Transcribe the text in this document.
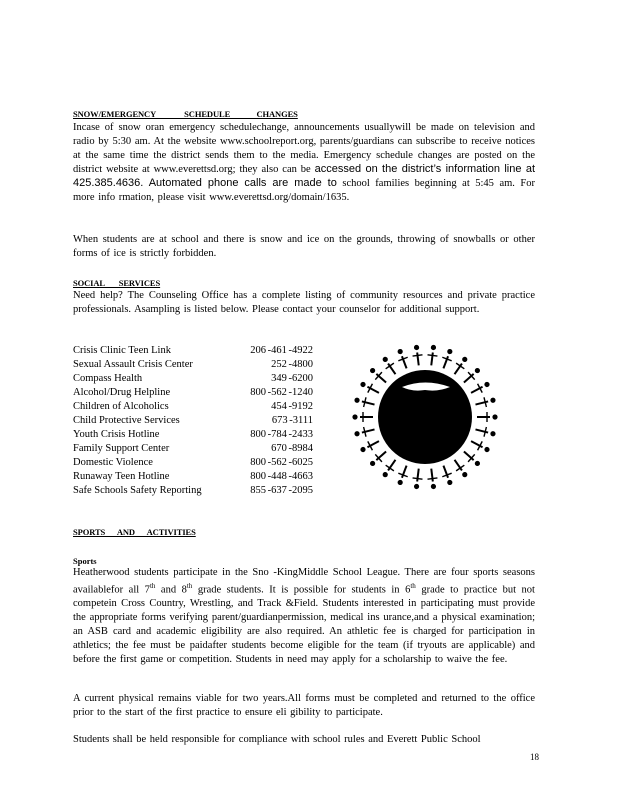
SNOW/EMERGENCY              SCHEDULE             CHANGES

Incase of snow oran emergency schedulechange, announcements usuallywill be made on television and radio by 5:30 am. At the website www.schoolreport.org, parents/guardians can subscribe to receive notices at the same time the district sends them to the media. Emergency schedule changes are posted on the district website at www.everettsd.org; they also can be accessed on the district’s information line at 425.385.4636. Automated phone calls are made to school families beginning at 5:45 am. For more info rmation, please visit www.everettsd.org/domain/1635.

When students are at school and there is snow and ice on the grounds, throwing of snowballs or other forms of ice is strictly forbidden.
SOCIAL       SERVICES
Need help? The Counseling Office has a complete listing of community resources and private practice professionals. Asampling is listed below. Please contact your counselor for additional support.
Crisis Clinic Teen Link	206 -461 -4922
Sexual Assault Crisis Center	252 -4800
Compass Health	349 -6200
Alcohol/Drug Helpline	800 -562 -1240
Children of Alcoholics	454 -9192
Child Protective Services	673 -3111
Youth Crisis Hotline	800 -784 -2433
Family Support Center	670 -8984
Domestic Violence	800 -562 -6025
Runaway Teen Hotline	800 -448 -4663
Safe Schools Safety Reporting	855 -637 -2095
SPORTS      AND      ACTIVITIES
Sports

Heatherwood students participate in the Sno -KingMiddle School League. There are four sports seasons availablefor all 7th and 8th grade students. It is possible for students in 6th grade to practice but not competein Cross Country, Wrestling, and Track &Field. Students interested in participating must provide the appropriate forms verifying parent/guardianpermission, medical ins urance,and a physical examination; an ASB card and academic eligibility are also required. An athletic fee is charged for participation in athletics; the fee must be paidafter students become eligible for the team (if tryouts are applicable) and before the first game or competition. Students in need may apply for a scholarship to waive the fee.

A current physical remains viable for two years.All forms must be completed and returned to the office prior to the start of the first practice to ensure eli gibility to participate.
Students shall be held responsible for compliance with school rules and Everett Public School
18
